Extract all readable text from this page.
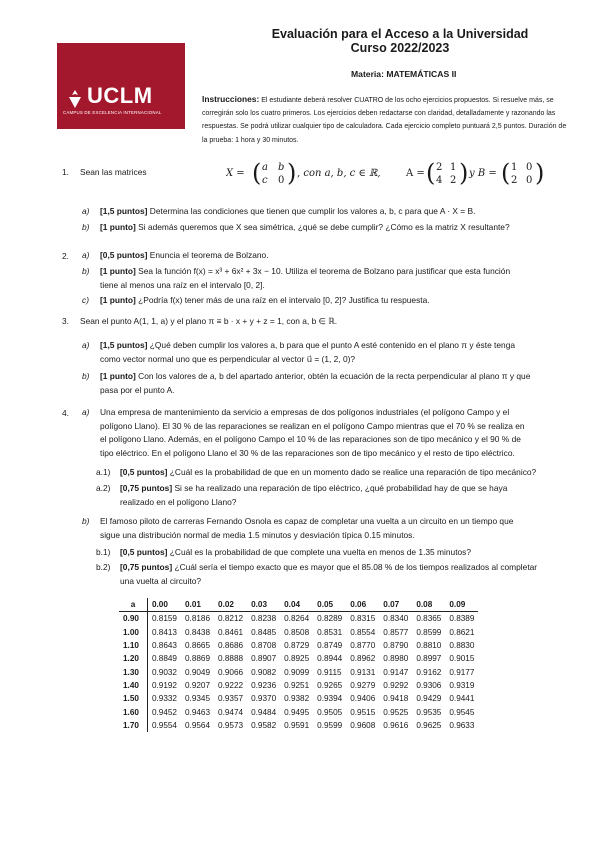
Evaluación para el Acceso a la Universidad
Curso 2022/2023
Materia: MATEMÁTICAS II
UCLM
CAMPUS DE EXCELENCIA INTERNACIONAL
Instrucciones: El estudiante deberá resolver CUATRO de los ocho ejercicios propuestos. Si resuelve más, se corregirán solo los cuatro primeros. Los ejercicios deben redactarse con claridad, detalladamente y razonando las respuestas. Se podrá utilizar cualquier tipo de calculadora. Cada ejercicio completo puntuará 2,5 puntos. Duración de la prueba: 1 hora y 30 minutos.
1. Sean las matrices	X = ( a b
c 0 ) , con a, b, c ∈ ℝ,	A = ( 2 1
4 2 ) y B = ( 1 0
2 0 )
a) [1,5 puntos] Determina las condiciones que tienen que cumplir los valores a, b, c para que A · X = B.
b) [1 punto] Si además queremos que X sea simétrica, ¿qué se debe cumplir? ¿Cómo es la matriz X resultante?
2. a) [0,5 puntos] Enuncia el teorema de Bolzano.
b) [1 punto] Sea la función f(x) = x³ + 6x² + 3x − 10. Utiliza el teorema de Bolzano para justificar que esta función
tiene al menos una raíz en el intervalo [0, 2].
c) [1 punto] ¿Podría f(x) tener más de una raíz en el intervalo [0, 2]? Justifica tu respuesta.
3. Sean el punto A(1, 1, a) y el plano π ≡ b · x + y + z = 1, con a, b ∈ ℝ.
a) [1,5 puntos] ¿Qué deben cumplir los valores a, b para que el punto A esté contenido en el plano π y éste tenga
como vector normal uno que es perpendicular al vector u⃗ = (1, 2, 0)?
b) [1 punto] Con los valores de a, b del apartado anterior, obtén la ecuación de la recta perpendicular al plano π y que
pasa por el punto A.
4. a) Una empresa de mantenimiento da servicio a empresas de dos polígonos industriales (el polígono Campo y el
polígono Llano). El 30 % de las reparaciones se realizan en el polígono Campo mientras que el 70 % se realiza en
el polígono Llano. Además, en el polígono Campo el 10 % de las reparaciones son de tipo mecánico y el 90 % de
tipo eléctrico. En el polígono Llano el 30 % de las reparaciones son de tipo mecánico y el resto de tipo eléctrico.
a.1) [0,5 puntos] ¿Cuál es la probabilidad de que en un momento dado se realice una reparación de tipo mecánico?
a.2) [0,75 puntos] Si se ha realizado una reparación de tipo eléctrico, ¿qué probabilidad hay de que se haya
realizado en el polígono Llano?
b) El famoso piloto de carreras Fernando Osnola es capaz de completar una vuelta a un circuito en un tiempo que
sigue una distribución normal de media 1.5 minutos y desviación típica 0.15 minutos.
b.1) [0,5 puntos] ¿Cuál es la probabilidad de que complete una vuelta en menos de 1.35 minutos?
b.2) [0,75 puntos] ¿Cuál sería el tiempo exacto que es mayor que el 85.08 % de los tiempos realizados al completar
una vuelta al circuito?
a	0.00	0.01	0.02	0.03	0.04	0.05	0.06	0.07	0.08	0.09
0.90	0.8159	0.8186	0.8212	0.8238	0.8264	0.8289	0.8315	0.8340	0.8365	0.8389
1.00	0.8413	0.8438	0.8461	0.8485	0.8508	0.8531	0.8554	0.8577	0.8599	0.8621
1.10	0.8643	0.8665	0.8686	0.8708	0.8729	0.8749	0.8770	0.8790	0.8810	0.8830
1.20	0.8849	0.8869	0.8888	0.8907	0.8925	0.8944	0.8962	0.8980	0.8997	0.9015
1.30	0.9032	0.9049	0.9066	0.9082	0.9099	0.9115	0.9131	0.9147	0.9162	0.9177
1.40	0.9192	0.9207	0.9222	0.9236	0.9251	0.9265	0.9279	0.9292	0.9306	0.9319
1.50	0.9332	0.9345	0.9357	0.9370	0.9382	0.9394	0.9406	0.9418	0.9429	0.9441
1.60	0.9452	0.9463	0.9474	0.9484	0.9495	0.9505	0.9515	0.9525	0.9535	0.9545
1.70	0.9554	0.9564	0.9573	0.9582	0.9591	0.9599	0.9608	0.9616	0.9625	0.9633
